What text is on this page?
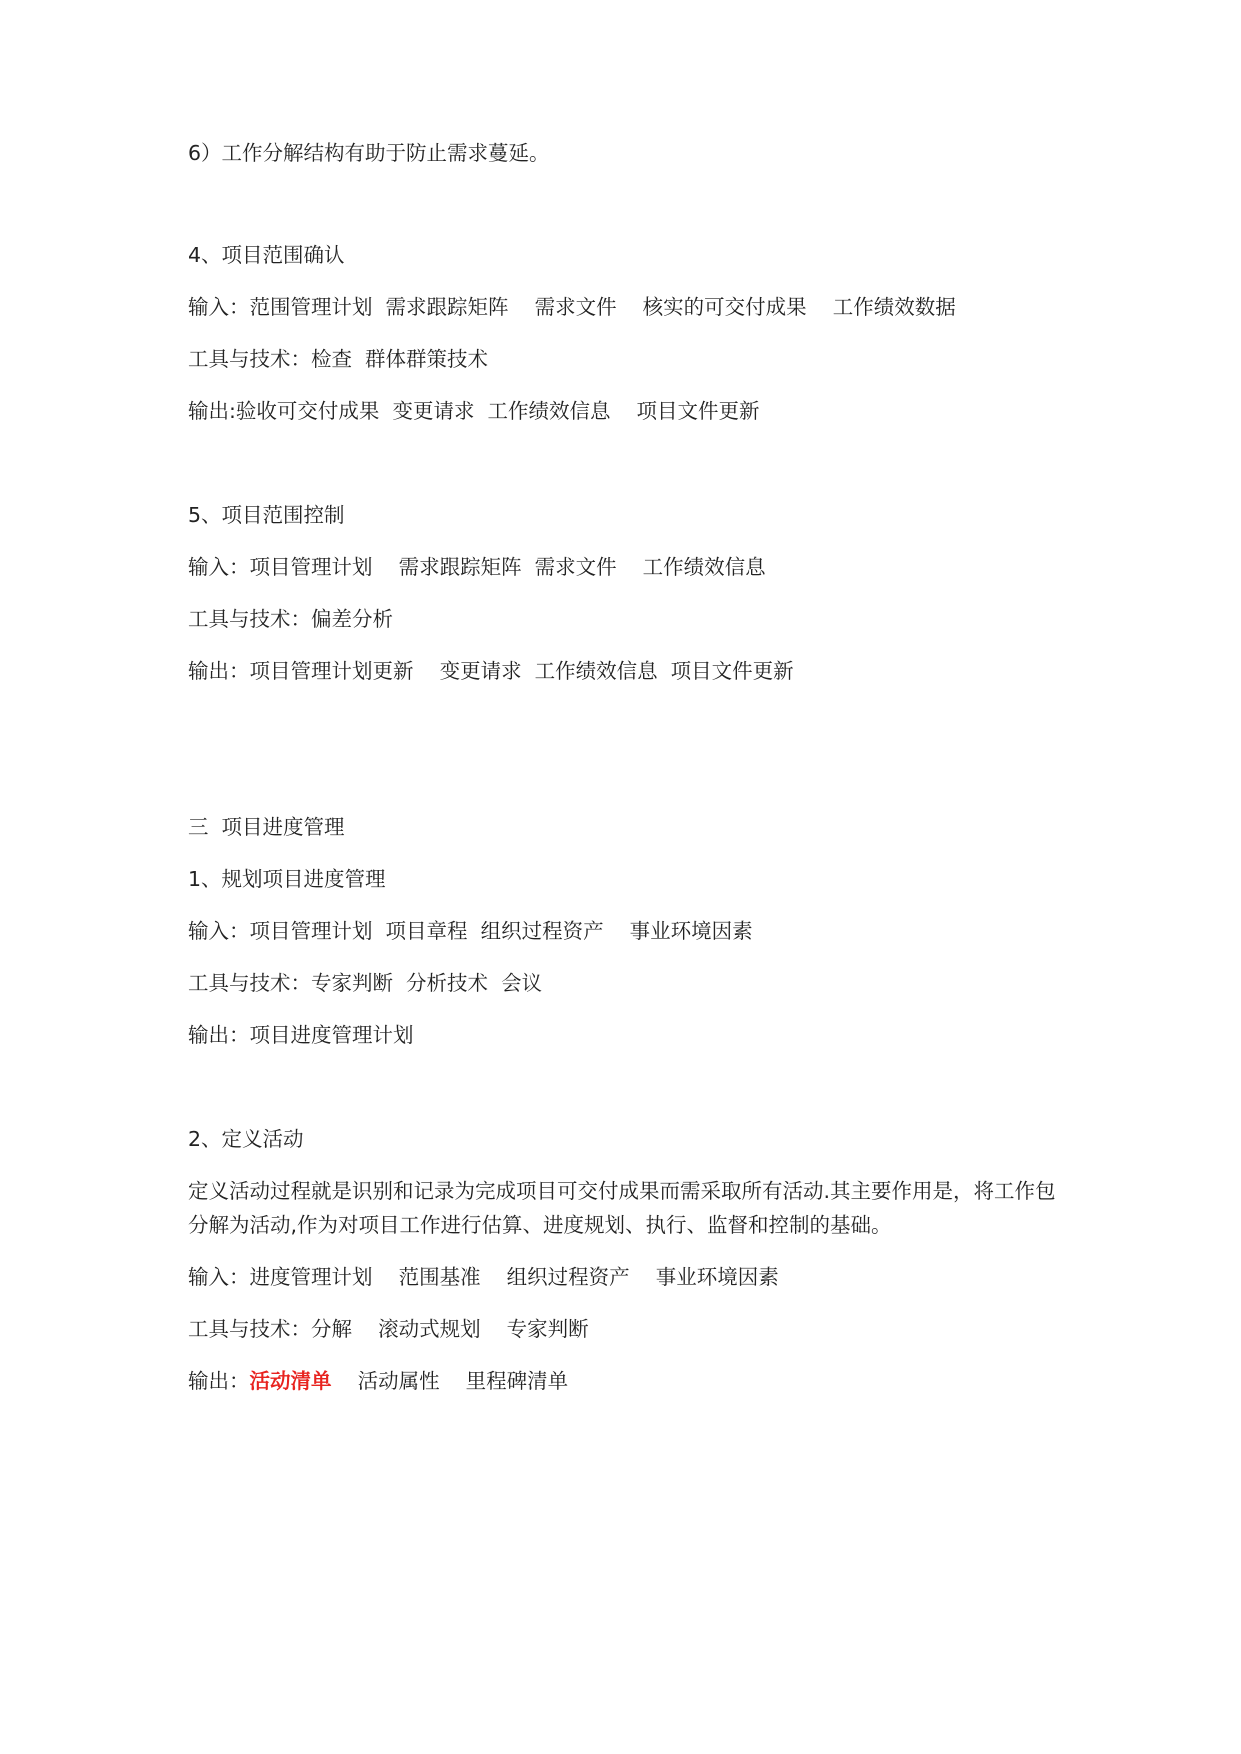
6）工作分解结构有助于防止需求蔓延。

4、项目范围确认

输入：范围管理计划  需求跟踪矩阵    需求文件    核实的可交付成果    工作绩效数据

工具与技术：检查  群体群策技术

输出:验收可交付成果  变更请求  工作绩效信息    项目文件更新

5、项目范围控制

输入：项目管理计划    需求跟踪矩阵  需求文件    工作绩效信息

工具与技术：偏差分析

输出：项目管理计划更新    变更请求  工作绩效信息  项目文件更新

三  项目进度管理

1、规划项目进度管理

输入：项目管理计划  项目章程  组织过程资产    事业环境因素

工具与技术：专家判断  分析技术  会议

输出：项目进度管理计划

2、定义活动

定义活动过程就是识别和记录为完成项目可交付成果而需采取所有活动.其主要作用是，将工作包分解为活动,作为对项目工作进行估算、进度规划、执行、监督和控制的基础。

输入：进度管理计划    范围基准    组织过程资产    事业环境因素

工具与技术：分解    滚动式规划    专家判断

输出：活动清单    活动属性    里程碑清单
